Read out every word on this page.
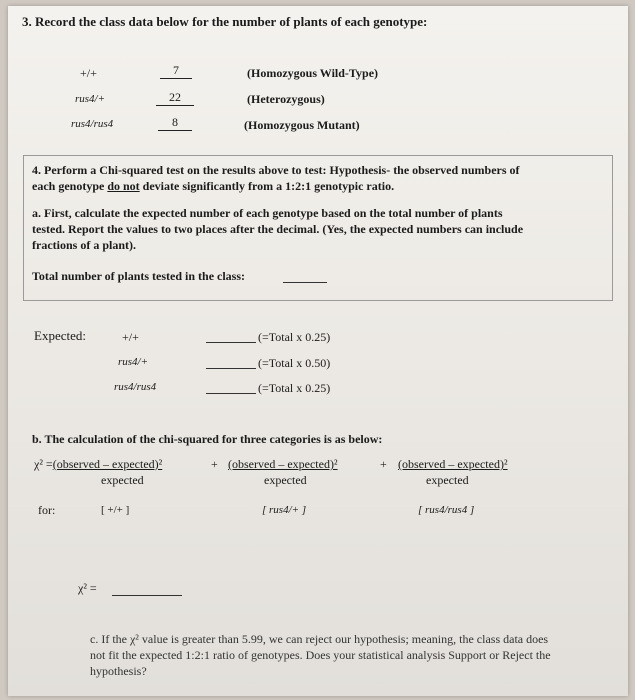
3. Record the class data below for the number of plants of each genotype:
+/+	7	(Homozygous Wild-Type)
rus4/+	22	(Heterozygous)
rus4/rus4	8	(Homozygous Mutant)
4. Perform a Chi-squared test on the results above to test: Hypothesis- the observed numbers of
each genotype do not deviate significantly from a 1:2:1 genotypic ratio.
a. First, calculate the expected number of each genotype based on the total number of plants
tested. Report the values to two places after the decimal. (Yes, the expected numbers can include
fractions of a plant).
Total number of plants tested in the class:
Expected:	+/+	(=Total x 0.25)
rus4/+	(=Total x 0.50)
rus4/rus4	(=Total x 0.25)
b. The calculation of the chi-squared for three categories is as below:
χ² =(observed – expected)²
expected
+ (observed – expected)²
expected
+ (observed – expected)²
expected
for:	[ +/+ ]	[ rus4/+ ]	[ rus4/rus4 ]
χ² =
c. If the χ² value is greater than 5.99, we can reject our hypothesis; meaning, the class data does
not fit the expected 1:2:1 ratio of genotypes. Does your statistical analysis Support or Reject the
hypothesis?
